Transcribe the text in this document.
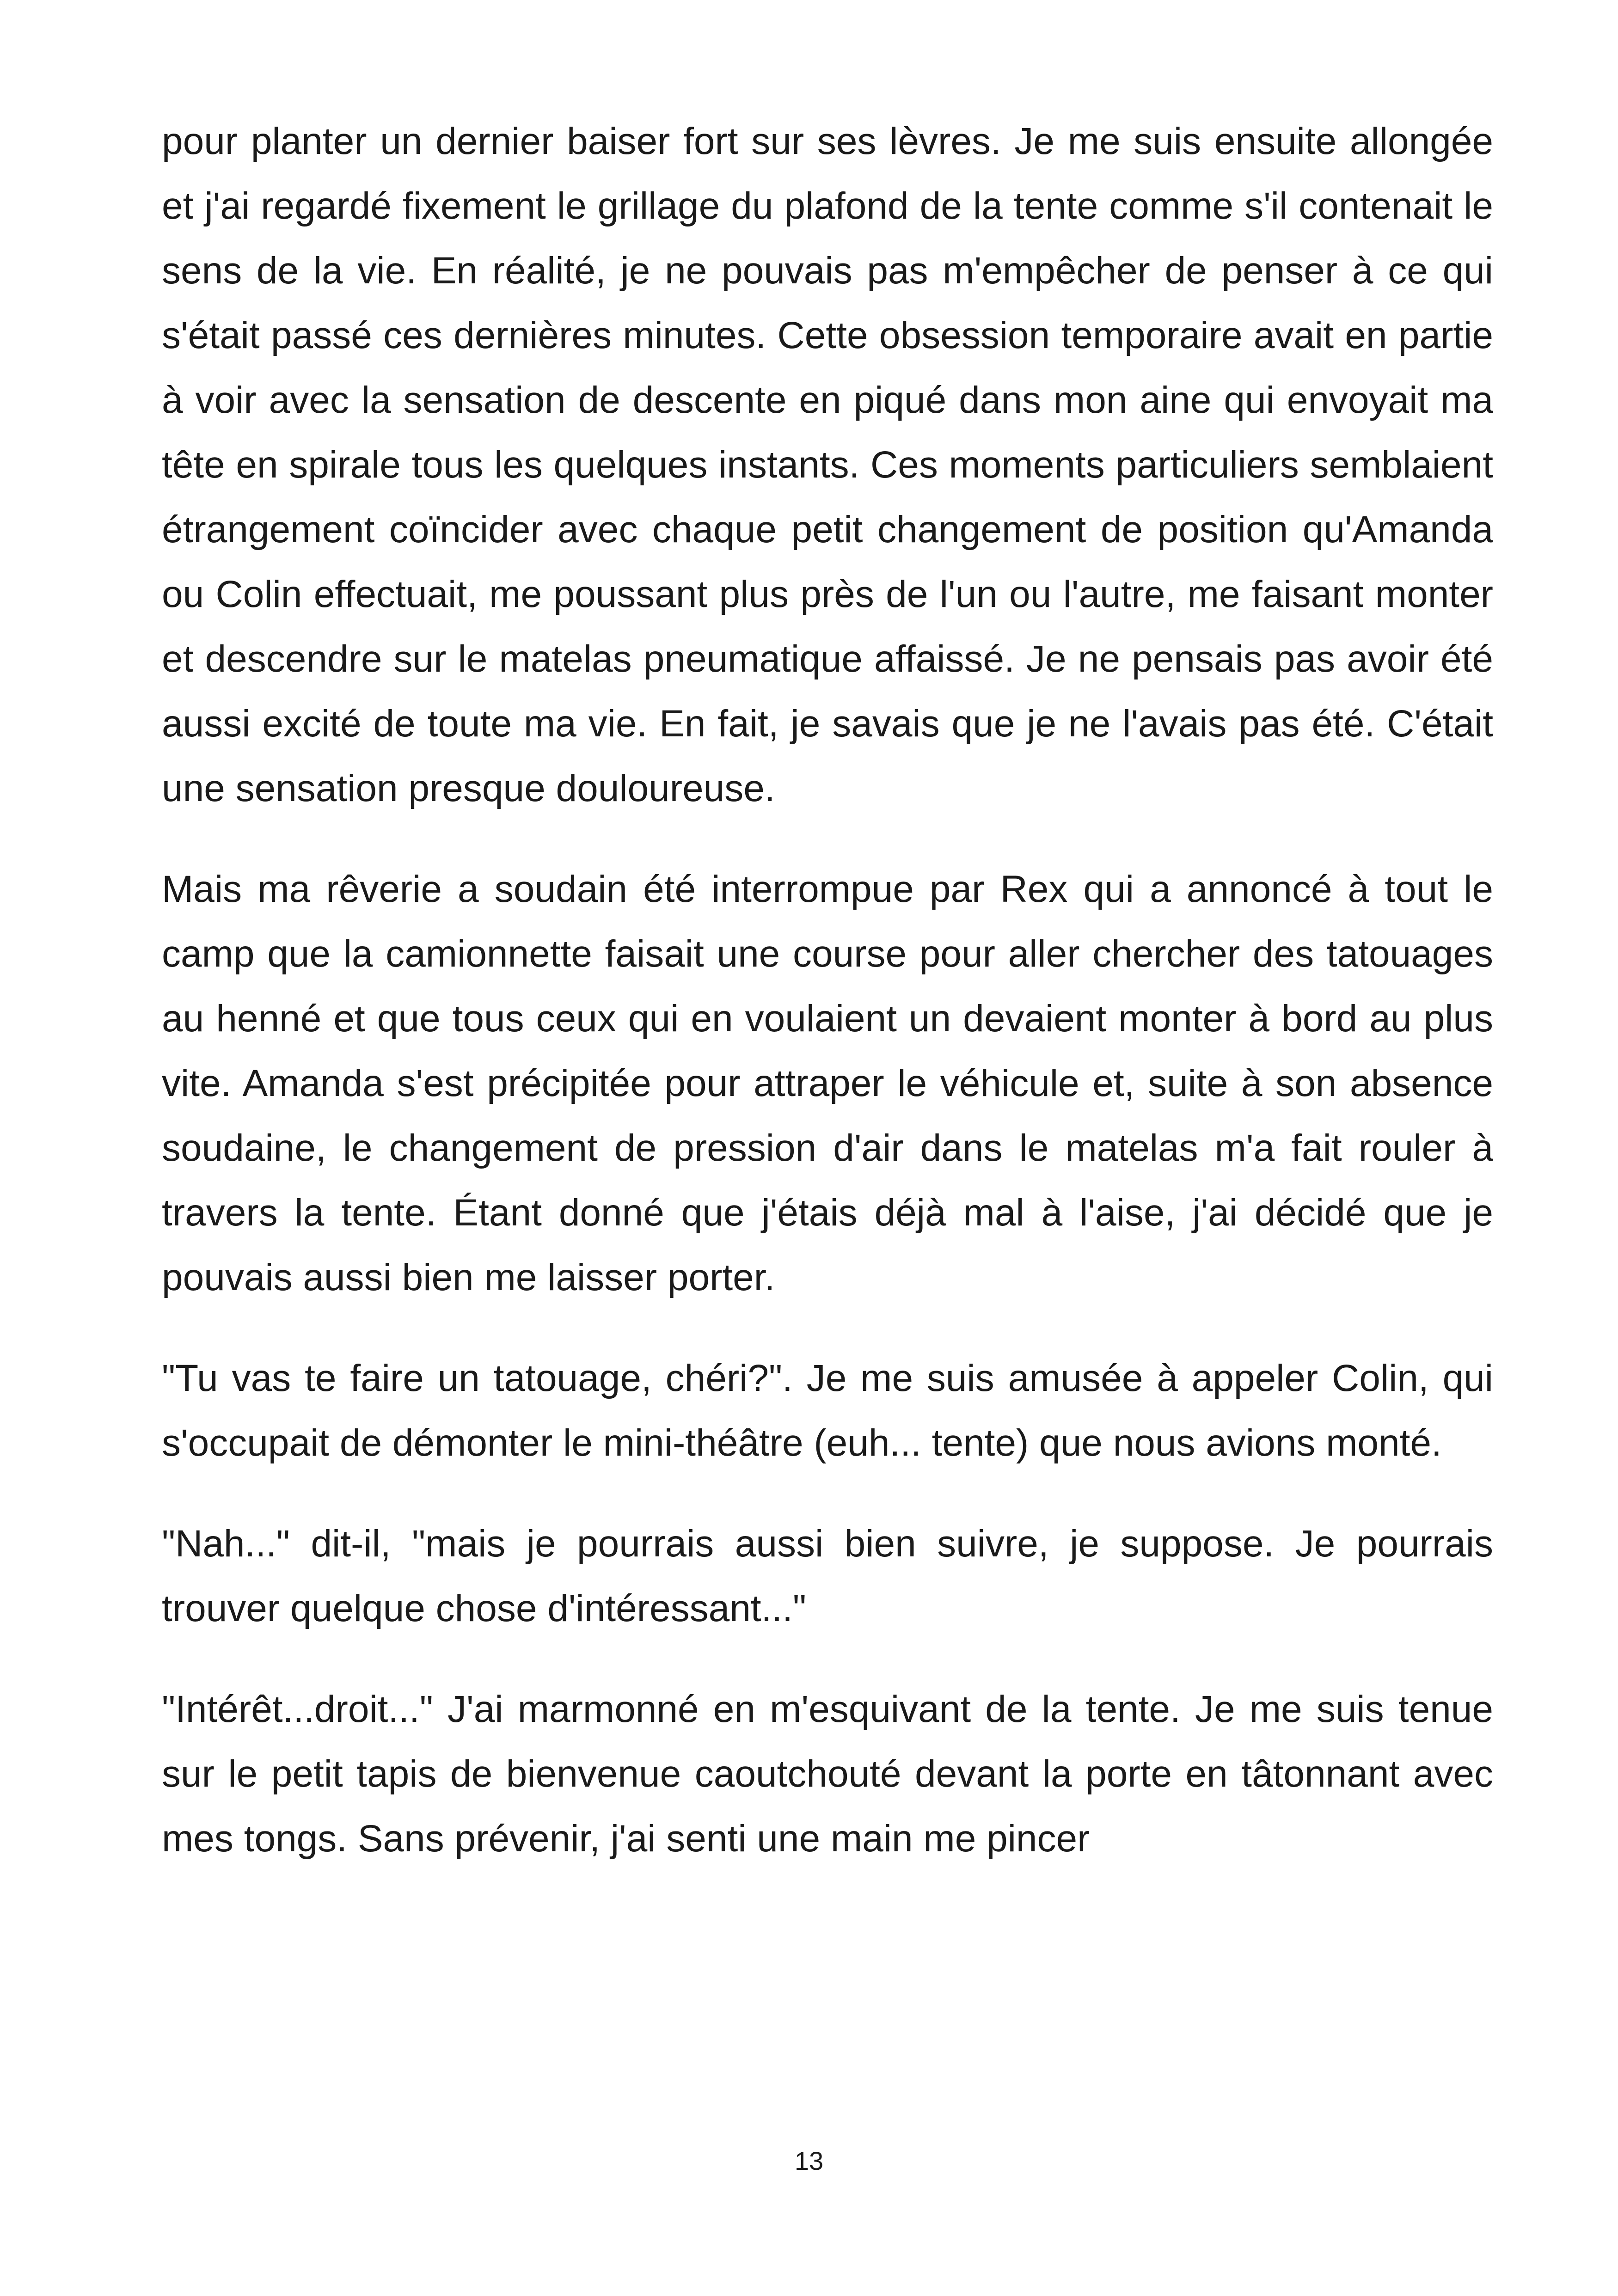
pour planter un dernier baiser fort sur ses lèvres. Je me suis ensuite allongée et j'ai regardé fixement le grillage du plafond de la tente comme s'il contenait le sens de la vie. En réalité, je ne pouvais pas m'empêcher de penser à ce qui s'était passé ces dernières minutes. Cette obsession temporaire avait en partie à voir avec la sensation de descente en piqué dans mon aine qui envoyait ma tête en spirale tous les quelques instants. Ces moments particuliers semblaient étrangement coïncider avec chaque petit changement de position qu'Amanda ou Colin effectuait, me poussant plus près de l'un ou l'autre, me faisant monter et descendre sur le matelas pneumatique affaissé. Je ne pensais pas avoir été aussi excité de toute ma vie. En fait, je savais que je ne l'avais pas été. C'était une sensation presque douloureuse.

Mais ma rêverie a soudain été interrompue par Rex qui a annoncé à tout le camp que la camionnette faisait une course pour aller chercher des tatouages au henné et que tous ceux qui en voulaient un devaient monter à bord au plus vite. Amanda s'est précipitée pour attraper le véhicule et, suite à son absence soudaine, le changement de pression d'air dans le matelas m'a fait rouler à travers la tente. Étant donné que j'étais déjà mal à l'aise, j'ai décidé que je pouvais aussi bien me laisser porter.

"Tu vas te faire un tatouage, chéri?". Je me suis amusée à appeler Colin, qui s'occupait de démonter le mini-théâtre (euh... tente) que nous avions monté.

"Nah..." dit-il, "mais je pourrais aussi bien suivre, je suppose. Je pourrais trouver quelque chose d'intéressant..."

"Intérêt...droit..." J'ai marmonné en m'esquivant de la tente. Je me suis tenue sur le petit tapis de bienvenue caoutchouté devant la porte en tâtonnant avec mes tongs. Sans prévenir, j'ai senti une main me pincer

13
